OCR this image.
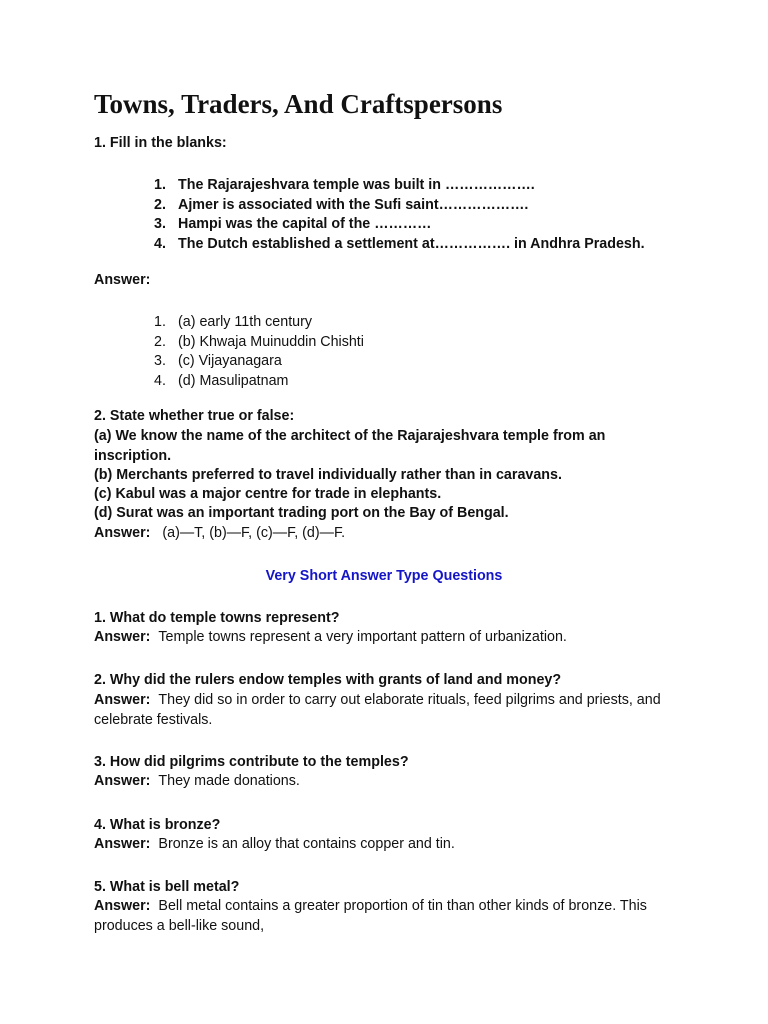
Towns, Traders, And Craftspersons
1. Fill in the blanks:
1. The Rajarajeshvara temple was built in ……………….
2. Ajmer is associated with the Sufi saint……………….
3. Hampi was the capital of the …………
4. The Dutch established a settlement at……………. in Andhra Pradesh.
Answer:
1. (a) early 11th century
2. (b) Khwaja Muinuddin Chishti
3. (c) Vijayanagara
4. (d) Masulipatnam
2. State whether true or false:
(a) We know the name of the architect of the Rajarajeshvara temple from an inscription.
(b) Merchants preferred to travel individually rather than in caravans.
(c) Kabul was a major centre for trade in elephants.
(d) Surat was an important trading port on the Bay of Bengal.
Answer: (a)—T, (b)—F, (c)—F, (d)—F.
Very Short Answer Type Questions
1. What do temple towns represent?
Answer: Temple towns represent a very important pattern of urbanization.
2. Why did the rulers endow temples with grants of land and money?
Answer: They did so in order to carry out elaborate rituals, feed pilgrims and priests, and celebrate festivals.
3. How did pilgrims contribute to the temples?
Answer: They made donations.
4. What is bronze?
Answer: Bronze is an alloy that contains copper and tin.
5. What is bell metal?
Answer: Bell metal contains a greater proportion of tin than other kinds of bronze. This produces a bell-like sound,
